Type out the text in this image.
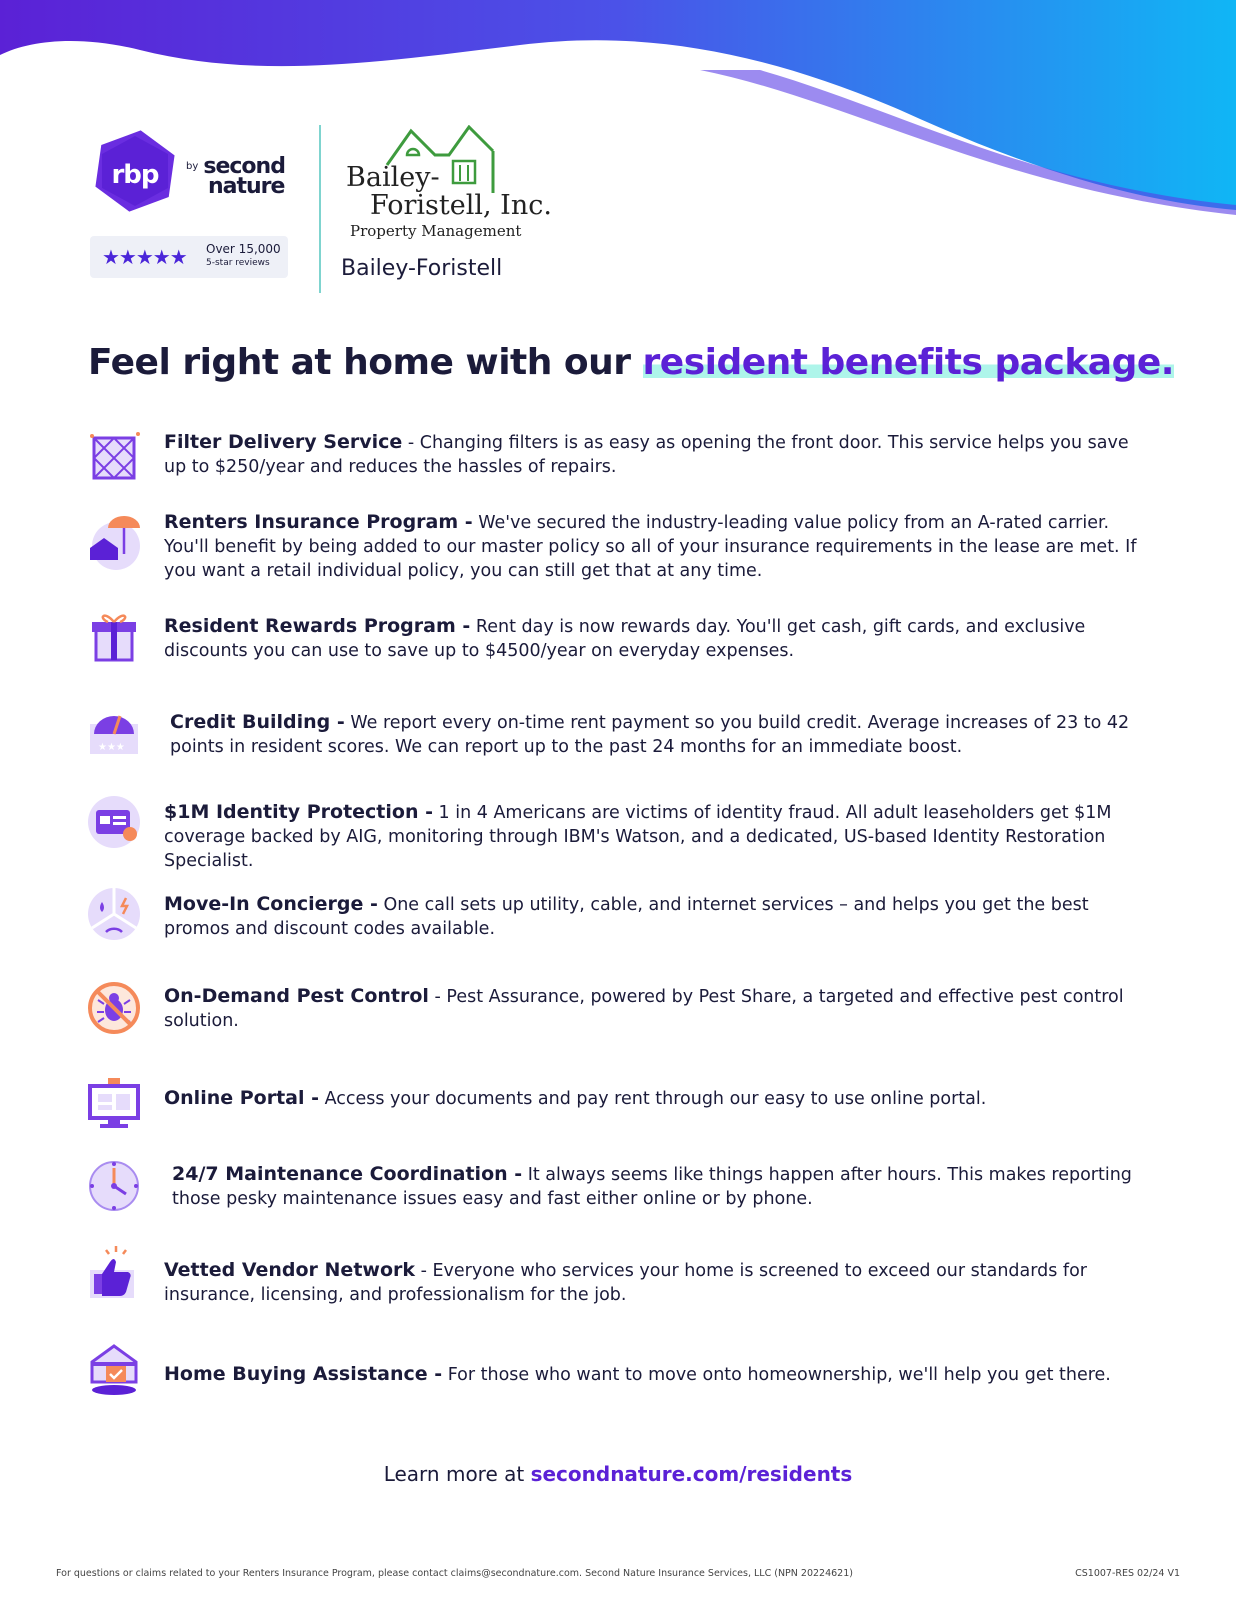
rbp	$^{by}$ second
nature
★★★★★ Over 15,000
5-star reviews
Bailey-
Foristell, Inc.
Property Management
Bailey-Foristell
Feel right at home with our resident benefits package.
Filter Delivery Service - Changing filters is as easy as opening the front door. This service helps you save up to $250/year and reduces the hassles of repairs.
Renters Insurance Program - We've secured the industry-leading value policy from an A-rated carrier. You'll benefit by being added to our master policy so all of your insurance requirements in the lease are met. If you want a retail individual policy, you can still get that at any time.
Resident Rewards Program - Rent day is now rewards day. You'll get cash, gift cards, and exclusive discounts you can use to save up to $4500/year on everyday expenses.
★★★
Credit Building - We report every on-time rent payment so you build credit. Average increases of 23 to 42 points in resident scores. We can report up to the past 24 months for an immediate boost.
$1M Identity Protection - 1 in 4 Americans are victims of identity fraud. All adult leaseholders get $1M coverage backed by AIG, monitoring through IBM's Watson, and a dedicated, US-based Identity Restoration Specialist.
Move-In Concierge - One call sets up utility, cable, and internet services – and helps you get the best promos and discount codes available.
On-Demand Pest Control - Pest Assurance, powered by Pest Share, a targeted and effective pest control solution.
Online Portal - Access your documents and pay rent through our easy to use online portal.
24/7 Maintenance Coordination - It always seems like things happen after hours. This makes reporting those pesky maintenance issues easy and fast either online or by phone.
Vetted Vendor Network - Everyone who services your home is screened to exceed our standards for insurance, licensing, and professionalism for the job.
Home Buying Assistance - For those who want to move onto homeownership, we'll help you get there.
Learn more at secondnature.com/residents
For questions or claims related to your Renters Insurance Program, please contact claims@secondnature.com. Second Nature Insurance Services, LLC (NPN 20224621)	CS1007-RES 02/24 V1
